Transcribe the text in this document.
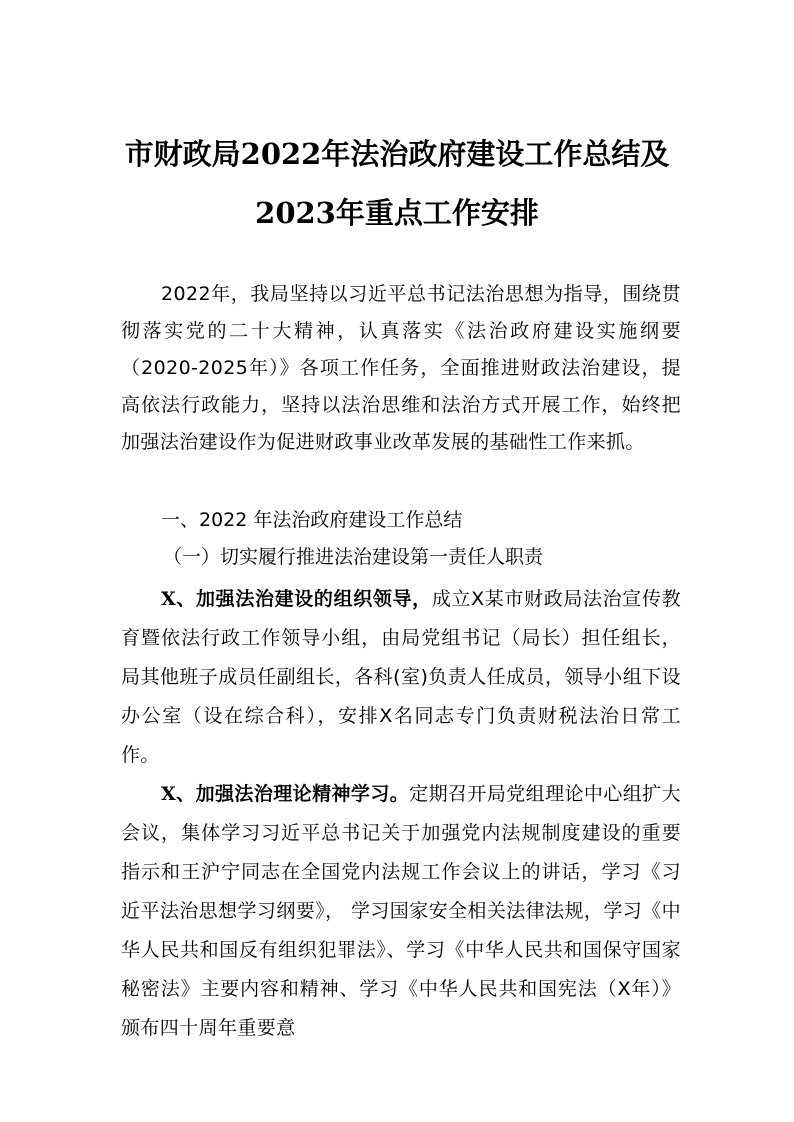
市财政局2022年法治政府建设工作总结及
2023年重点工作安排

2022年，我局坚持以习近平总书记法治思想为指导，围绕贯彻落实党的二十大精神，认真落实《法治政府建设实施纲要（2020-2025年）》各项工作任务，全面推进财政法治建设，提高依法行政能力，坚持以法治思维和法治方式开展工作，始终把加强法治建设作为促进财政事业改革发展的基础性工作来抓。

一、2022 年法治政府建设工作总结
（一）切实履行推进法治建设第一责任人职责

X、加强法治建设的组织领导，成立X某市财政局法治宣传教育暨依法行政工作领导小组，由局党组书记（局长）担任组长，局其他班子成员任副组长，各科(室)负责人任成员，领导小组下设办公室（设在综合科），安排X名同志专门负责财税法治日常工作。

X、加强法治理论精神学习。定期召开局党组理论中心组扩大会议，集体学习习近平总书记关于加强党内法规制度建设的重要指示和王沪宁同志在全国党内法规工作会议上的讲话，学习《习近平法治思想学习纲要》， 学习国家安全相关法律法规，学习《中华人民共和国反有组织犯罪法》、学习《中华人民共和国保守国家秘密法》主要内容和精神、学习《中华人民共和国宪法（X年）》颁布四十周年重要意
